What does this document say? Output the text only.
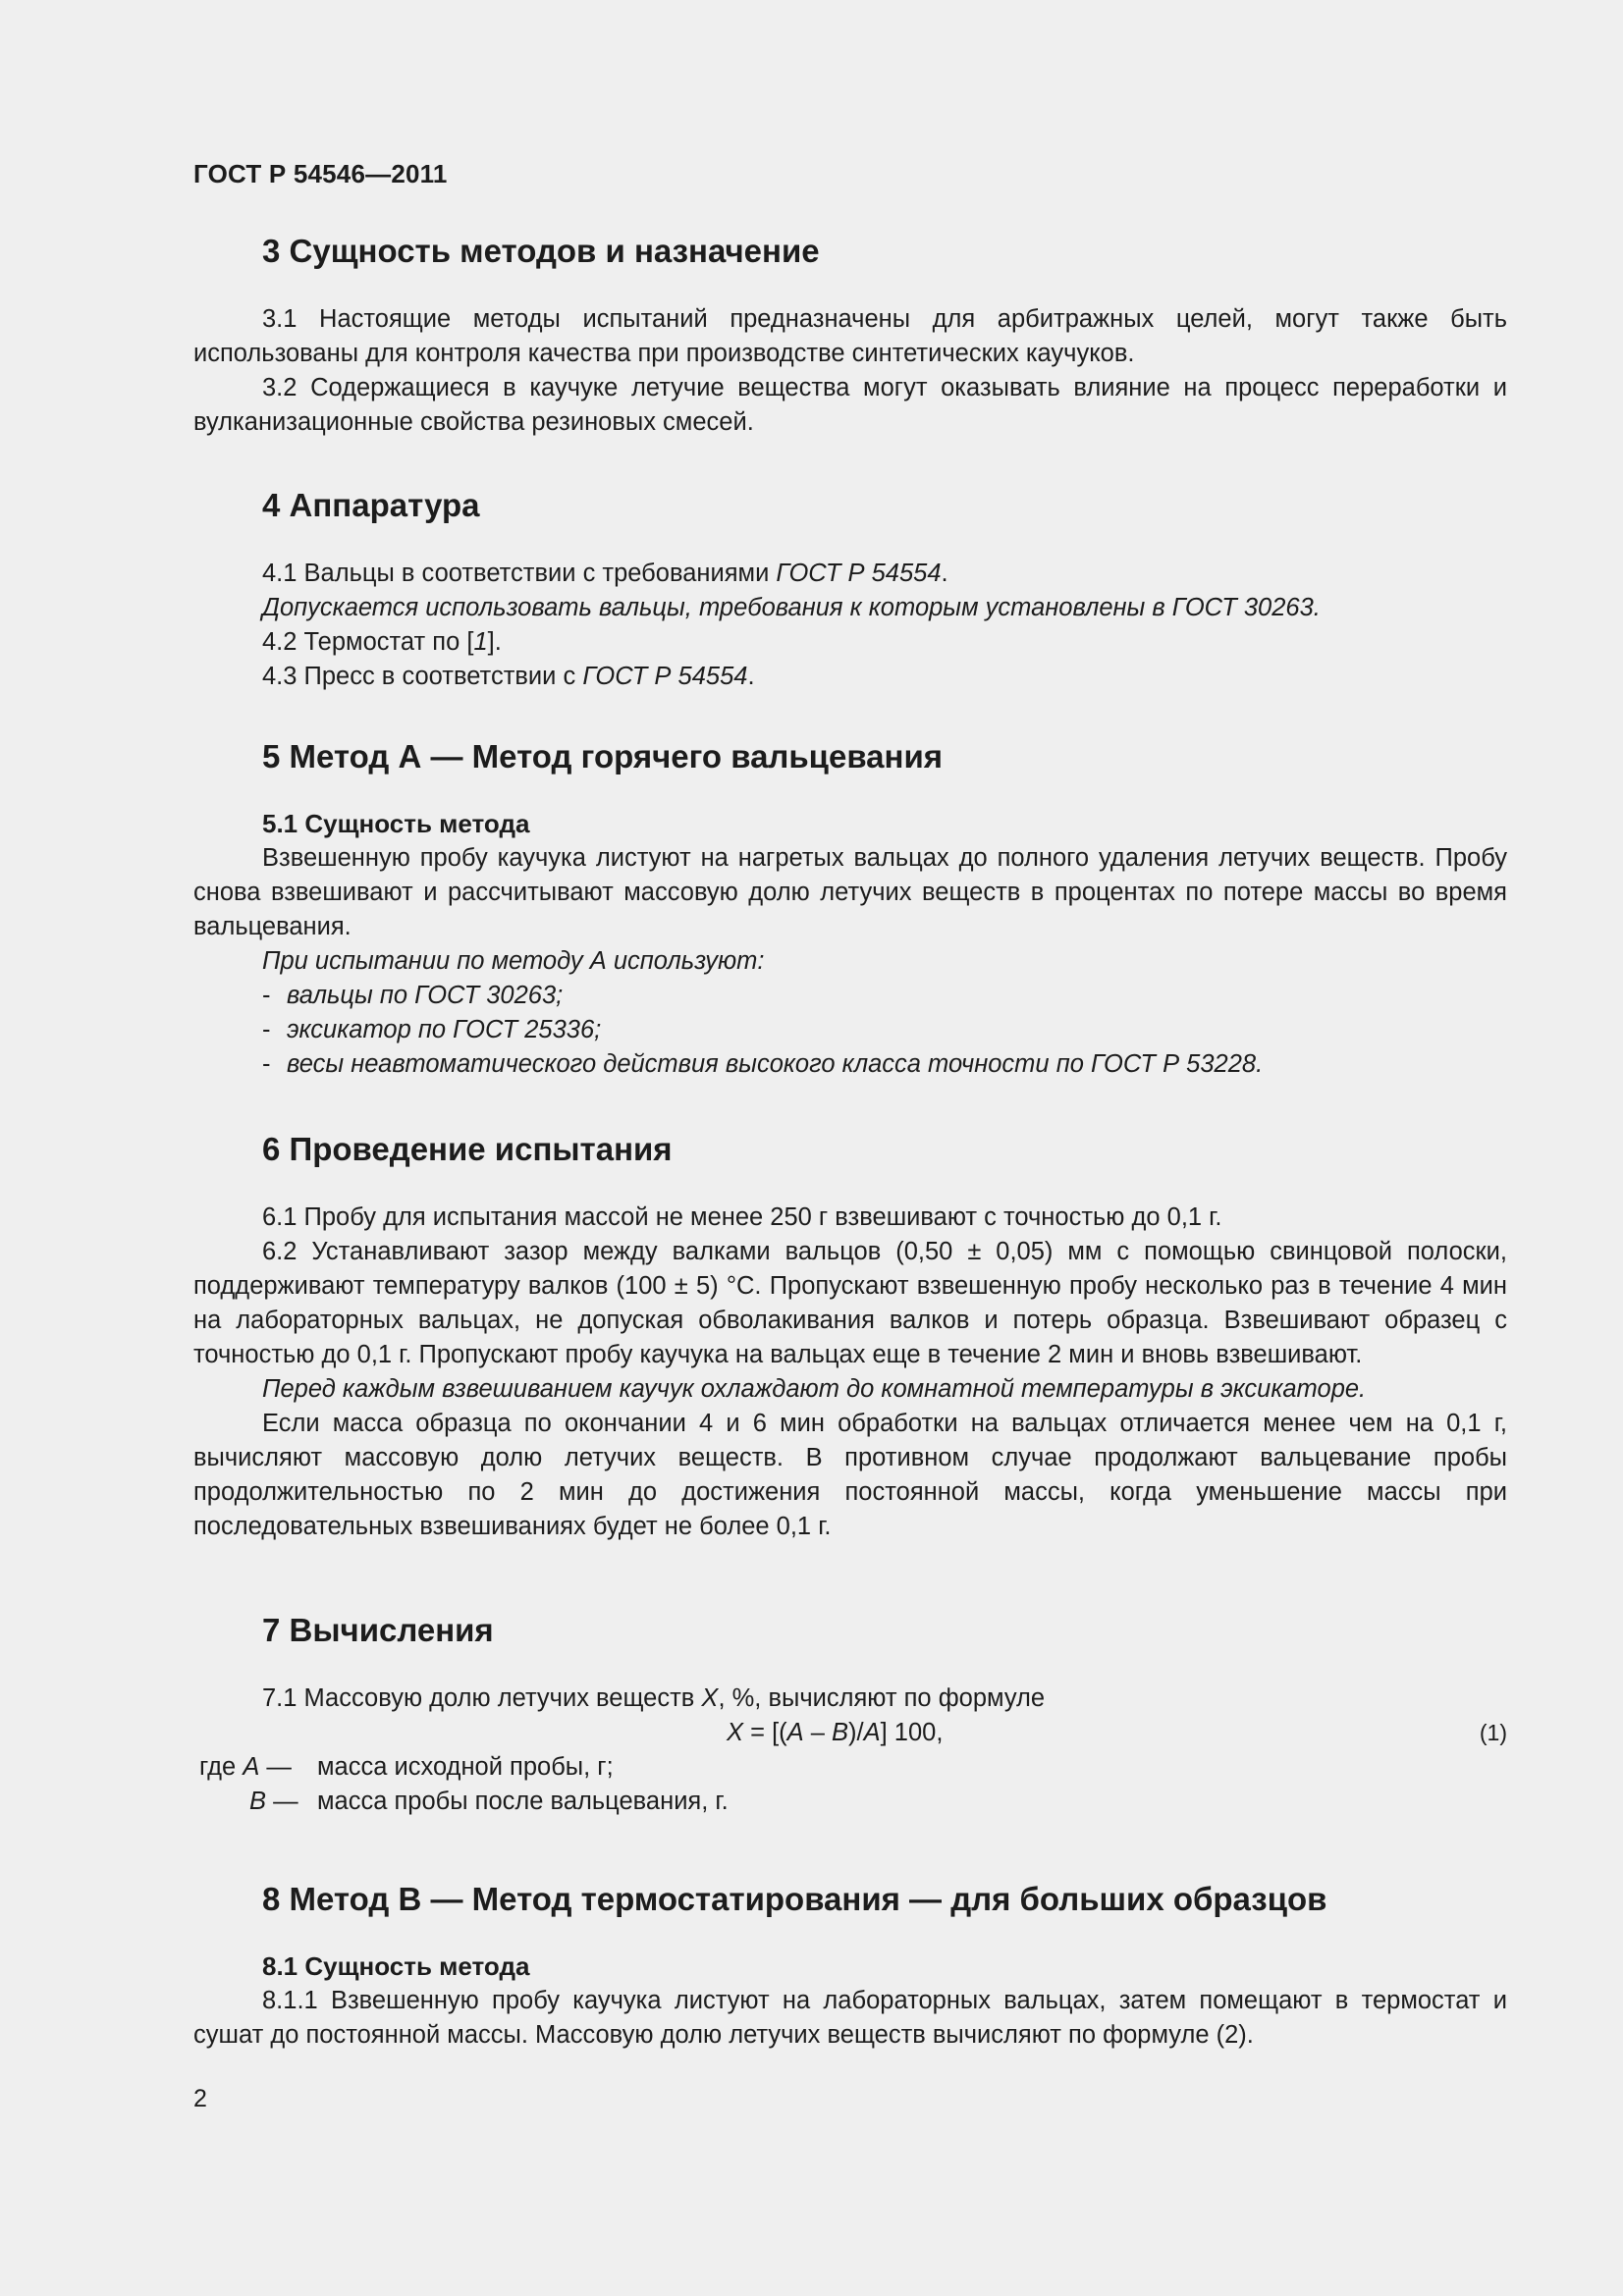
ГОСТ Р 54546—2011
3 Сущность методов и назначение

3.1 Настоящие методы испытаний предназначены для арбитражных целей, могут также быть использованы для контроля качества при производстве синтетических каучуков.

3.2 Содержащиеся в каучуке летучие вещества могут оказывать влияние на процесс переработки и вулканизационные свойства резиновых смесей.

4 Аппаратура

4.1 Вальцы в соответствии с требованиями ГОСТ Р 54554.

Допускается использовать вальцы, требования к которым установлены в ГОСТ 30263.

4.2 Термостат по [1].

4.3 Пресс в соответствии с ГОСТ Р 54554.

5 Метод А — Метод горячего вальцевания
5.1 Сущность метода

Взвешенную пробу каучука листуют на нагретых вальцах до полного удаления летучих веществ. Пробу снова взвешивают и рассчитывают массовую долю летучих веществ в процентах по потере массы во время вальцевания.

При испытании по методу А используют:

- вальцы по ГОСТ 30263;

- эксикатор по ГОСТ 25336;

- весы неавтоматического действия высокого класса точности по ГОСТ Р 53228.

6 Проведение испытания

6.1 Пробу для испытания массой не менее 250 г взвешивают с точностью до 0,1 г.

6.2 Устанавливают зазор между валками вальцов (0,50 ± 0,05) мм с помощью свинцовой полоски, поддерживают температуру валков (100 ± 5) °С. Пропускают взвешенную пробу несколько раз в течение 4 мин на лабораторных вальцах, не допуская обволакивания валков и потерь образца. Взвешивают образец с точностью до 0,1 г. Пропускают пробу каучука на вальцах еще в течение 2 мин и вновь взвешивают.

Перед каждым взвешиванием каучук охлаждают до комнатной температуры в эксикаторе.

Если масса образца по окончании 4 и 6 мин обработки на вальцах отличается менее чем на 0,1 г, вычисляют массовую долю летучих веществ. В противном случае продолжают вальцевание пробы продолжительностью по 2 мин до достижения постоянной массы, когда уменьшение массы при последовательных взвешиваниях будет не более 0,1 г.

7 Вычисления

7.1 Массовую долю летучих веществ X, %, вычисляют по формуле

X = [(A – B)/A] 100,	(1)
где A — масса исходной пробы, г;
B — масса пробы после вальцевания, г.
8 Метод В — Метод термостатирования — для больших образцов
8.1 Сущность метода

8.1.1 Взвешенную пробу каучука листуют на лабораторных вальцах, затем помещают в термостат и сушат до постоянной массы. Массовую долю летучих веществ вычисляют по формуле (2).

2
